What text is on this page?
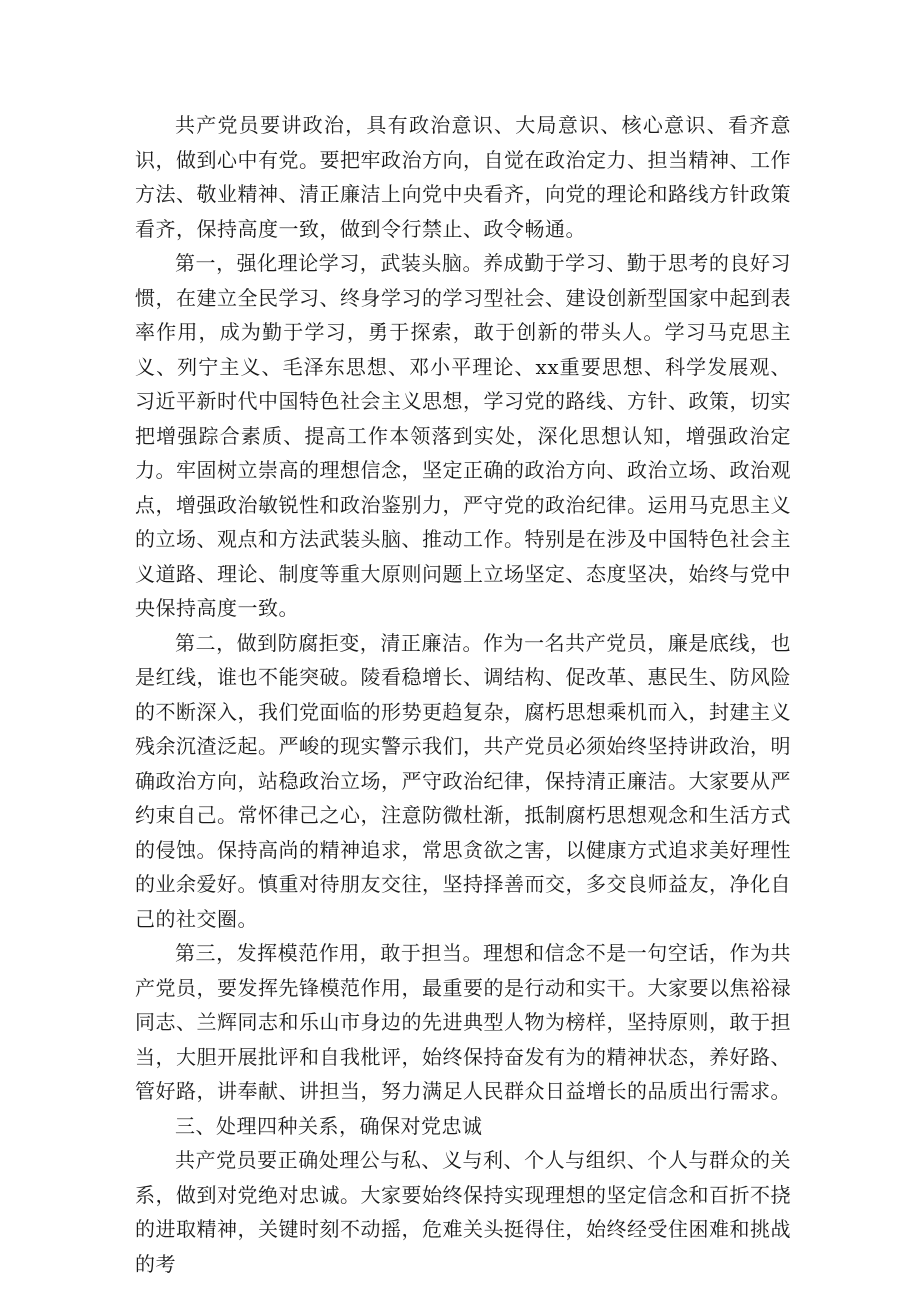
共产党员要讲政治，具有政治意识、大局意识、核心意识、看齐意识，做到心中有党。要把牢政治方向，自觉在政治定力、担当精神、工作方法、敬业精神、清正廉洁上向党中央看齐，向党的理论和路线方针政策看齐，保持高度一致，做到令行禁止、政令畅通。

第一，强化理论学习，武装头脑。养成勤于学习、勤于思考的良好习惯，在建立全民学习、终身学习的学习型社会、建设创新型国家中起到表率作用，成为勤于学习，勇于探索，敢于创新的带头人。学习马克思主义、列宁主义、毛泽东思想、邓小平理论、xx重要思想、科学发展观、习近平新时代中国特色社会主义思想，学习党的路线、方针、政策，切实把增强踪合素质、提高工作本领落到实处，深化思想认知，增强政治定力。牢固树立崇高的理想信念，坚定正确的政治方向、政治立场、政治观点，增强政治敏锐性和政治鉴别力，严守党的政治纪律。运用马克思主义的立场、观点和方法武装头脑、推动工作。特别是在涉及中国特色社会主义道路、理论、制度等重大原则问题上立场坚定、态度坚决，始终与党中央保持高度一致。

第二，做到防腐拒变，清正廉洁。作为一名共产党员，廉是底线，也是红线，谁也不能突破。陵看稳增长、调结构、促改革、惠民生、防风险的不断深入，我们党面临的形势更趋复杂，腐朽思想乘机而入，封建主义残余沉渣泛起。严峻的现实警示我们，共产党员必须始终坚持讲政治，明确政治方向，站稳政治立场，严守政治纪律，保持清正廉洁。大家要从严约束自己。常怀律己之心，注意防微杜渐，抵制腐朽思想观念和生活方式的侵蚀。保持高尚的精神追求，常思贪欲之害，以健康方式追求美好理性的业余爱好。慎重对待朋友交往，坚持择善而交，多交良师益友，净化自己的社交圈。

第三，发挥模范作用，敢于担当。理想和信念不是一句空话，作为共产党员，要发挥先锋模范作用，最重要的是行动和实干。大家要以焦裕禄同志、兰辉同志和乐山市身边的先进典型人物为榜样，坚持原则，敢于担当，大胆开展批评和自我枇评，始终保持奋发有为的精神状态，养好路、管好路，讲奉献、讲担当，努力满足人民群众日益增长的品质出行需求。

三、处理四种关系，确保对党忠诚

共产党员要正确处理公与私、义与利、个人与组织、个人与群众的关系，做到对党绝对忠诚。大家要始终保持实现理想的坚定信念和百折不挠的进取精神，关键时刻不动摇，危难关头挺得住，始终经受住困难和挑战的考
